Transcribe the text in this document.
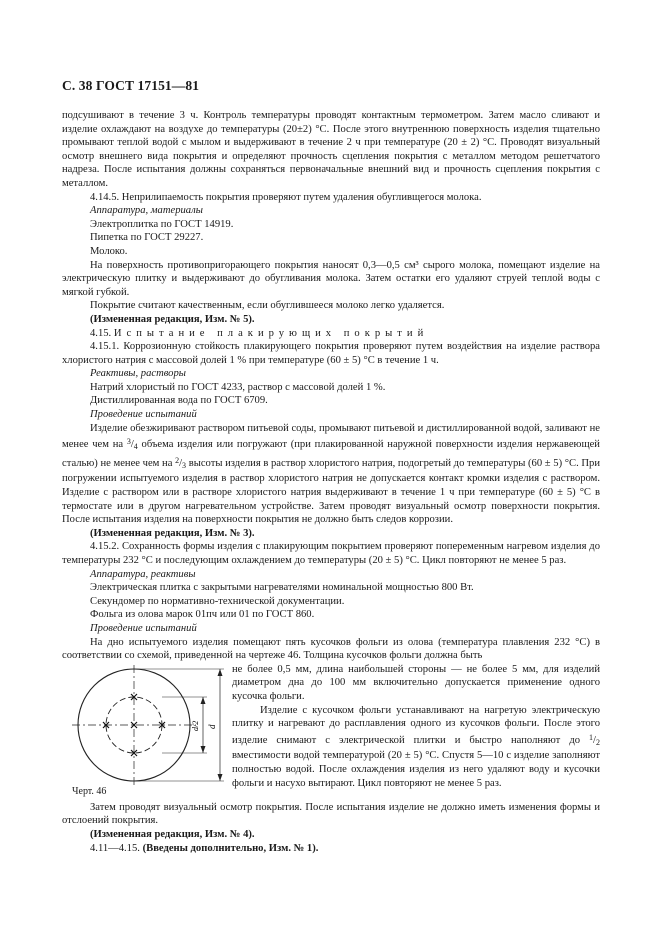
С. 38 ГОСТ 17151—81

подсушивают в течение 3 ч. Контроль температуры проводят контактным термометром. Затем масло сливают и изделие охлаждают на воздухе до температуры (20±2) °С. После этого внутреннюю поверхность изделия тщательно промывают теплой водой с мылом и выдерживают в течение 2 ч при температуре (20 ± 2) °С. Проводят визуальный осмотр внешнего вида покрытия и определяют прочность сцепления покрытия с металлом методом решетчатого надреза. После испытания должны сохраняться первоначальные внешний вид и прочность сцепления покрытия с металлом.

4.14.5. Неприлипаемость покрытия проверяют путем удаления обугливщегося молока.

Аппаратура, материалы

Электроплитка по ГОСТ 14919.

Пипетка по ГОСТ 29227.

Молоко.

На поверхность противопригорающего покрытия наносят 0,3—0,5 см³ сырого молока, помещают изделие на электрическую плитку и выдерживают до обугливания молока. Затем остатки его удаляют струей теплой воды с мягкой губкой.

Покрытие считают качественным, если обуглившееся молоко легко удаляется.

(Измененная редакция, Изм. № 5).

4.15. Испытание плакирующих покрытий

4.15.1. Коррозионную стойкость плакирующего покрытия проверяют путем воздействия на изделие раствора хлористого натрия с массовой долей 1 % при температуре (60 ± 5) °С в течение 1 ч.

Реактивы, растворы

Натрий хлористый по ГОСТ 4233, раствор с массовой долей 1 %.

Дистиллированная вода по ГОСТ 6709.

Проведение испытаний

Изделие обезжиривают раствором питьевой соды, промывают питьевой и дистиллированной водой, заливают не менее чем на $^3$/4 объема изделия или погружают (при плакированной наружной поверхности изделия нержавеющей сталью) не менее чем на $^2$/3 высоты изделия в раствор хлористого натрия, подогретый до температуры (60 ± 5) °С. При погружении испытуемого изделия в раствор хлористого натрия не допускается контакт кромки изделия с раствором. Изделие с раствором или в растворе хлористого натрия выдерживают в течение 1 ч при температуре (60 ± 5) °С в термостате или в другом нагревательном устройстве. Затем проводят визуальный осмотр поверхности покрытия. После испытания изделия на поверхности покрытия не должно быть следов коррозии.

(Измененная редакция, Изм. № 3).

4.15.2. Сохранность формы изделия с плакирующим покрытием проверяют попеременным нагревом изделия до температуры 232 °С и последующим охлаждением до температуры (20 ± 5) °С. Цикл повторяют не менее 5 раз.

Аппаратура, реактивы

Электрическая плитка с закрытыми нагревателями номинальной мощностью 800 Вт.

Секундомер по нормативно-технической документации.

Фольга из олова марок 01пч или 01 по ГОСТ 860.

Проведение испытаний

На дно испытуемого изделия помещают пять кусочков фольги из олова (температура плавления 232 °С) в соответствии со схемой, приведенной на чертеже 46. Толщина кусочков фольги должна быть

d
d/2
Черт. 46

не более 0,5 мм, длина наибольшей стороны — не более 5 мм, для изделий диаметром дна до 100 мм включительно допускается применение одного кусочка фольги.

Изделие с кусочком фольги устанавливают на нагретую электрическую плитку и нагревают до расплавления одного из кусочков фольги. После этого изделие снимают с электрической плитки и быстро наполняют до $^1$/2 вместимости водой температурой (20 ± 5) °С. Спустя 5—10 с изделие заполняют полностью водой. После охлаждения изделия из него удаляют воду и кусочки фольги и насухо вытирают. Цикл повторяют не менее 5 раз.

Затем проводят визуальный осмотр покрытия. После испытания изделие не должно иметь изменения формы и отслоений покрытия.

(Измененная редакция, Изм. № 4).

4.11—4.15. (Введены дополнительно, Изм. № 1).
